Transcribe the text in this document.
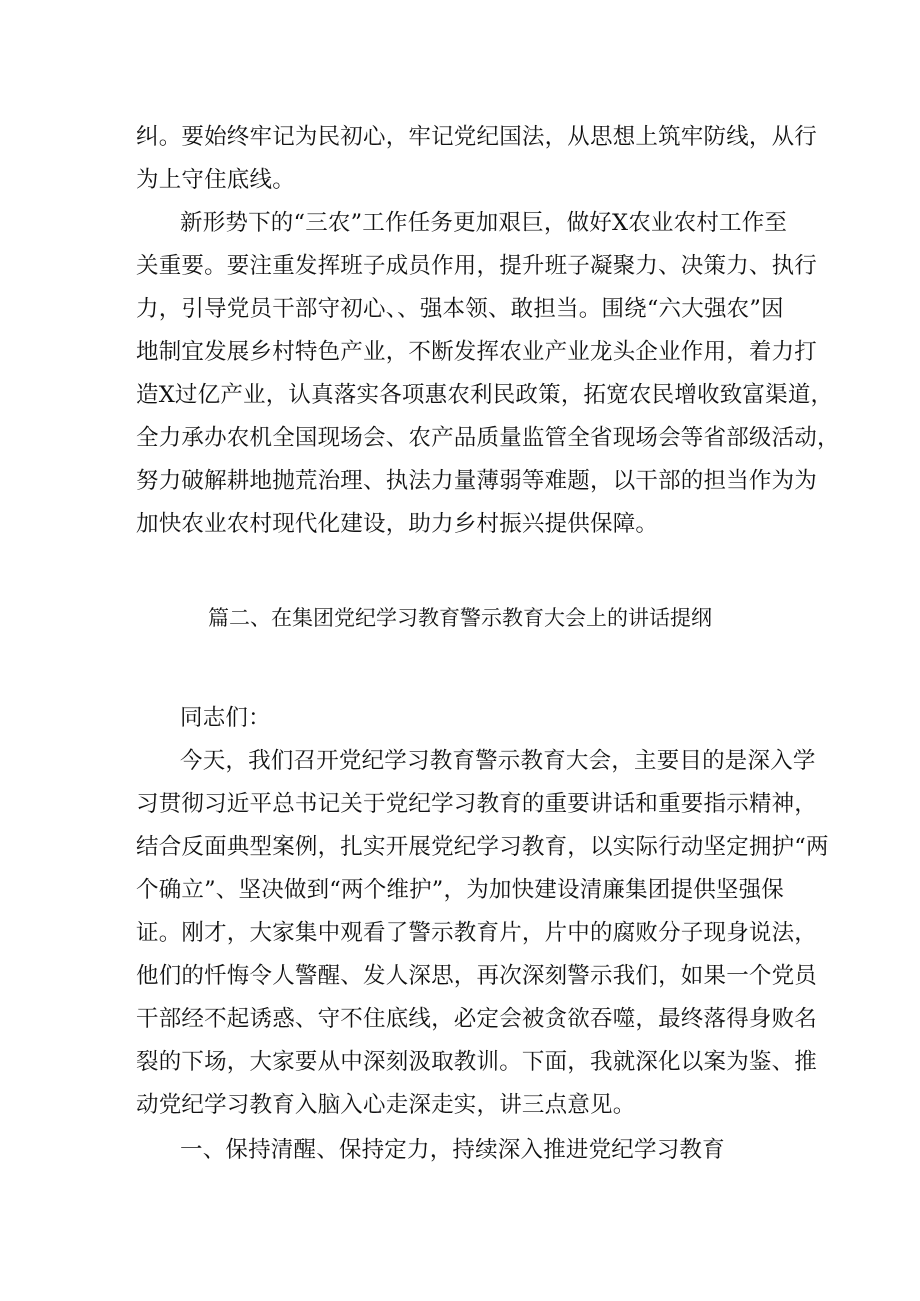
纠。要始终牢记为民初心，牢记党纪国法，从思想上筑牢防线，从行
为上守住底线。
新形势下的“三农”工作任务更加艰巨，做好X农业农村工作至
关重要。要注重发挥班子成员作用，提升班子凝聚力、决策力、执行
力，引导党员干部守初心、、强本领、敢担当。围绕“六大强农”因
地制宜发展乡村特色产业，不断发挥农业产业龙头企业作用，着力打
造X过亿产业，认真落实各项惠农利民政策，拓宽农民增收致富渠道，
全力承办农机全国现场会、农产品质量监管全省现场会等省部级活动，
努力破解耕地抛荒治理、执法力量薄弱等难题，以干部的担当作为为
加快农业农村现代化建设，助力乡村振兴提供保障。
篇二、在集团党纪学习教育警示教育大会上的讲话提纲
同志们：
今天，我们召开党纪学习教育警示教育大会，主要目的是深入学
习贯彻习近平总书记关于党纪学习教育的重要讲话和重要指示精神，
结合反面典型案例，扎实开展党纪学习教育，以实际行动坚定拥护“两
个确立”、坚决做到“两个维护”，为加快建设清廉集团提供坚强保
证。刚才，大家集中观看了警示教育片，片中的腐败分子现身说法，
他们的忏悔令人警醒、发人深思，再次深刻警示我们，如果一个党员
干部经不起诱惑、守不住底线，必定会被贪欲吞噬，最终落得身败名
裂的下场，大家要从中深刻汲取教训。下面，我就深化以案为鉴、推
动党纪学习教育入脑入心走深走实，讲三点意见。
一、保持清醒、保持定力，持续深入推进党纪学习教育
